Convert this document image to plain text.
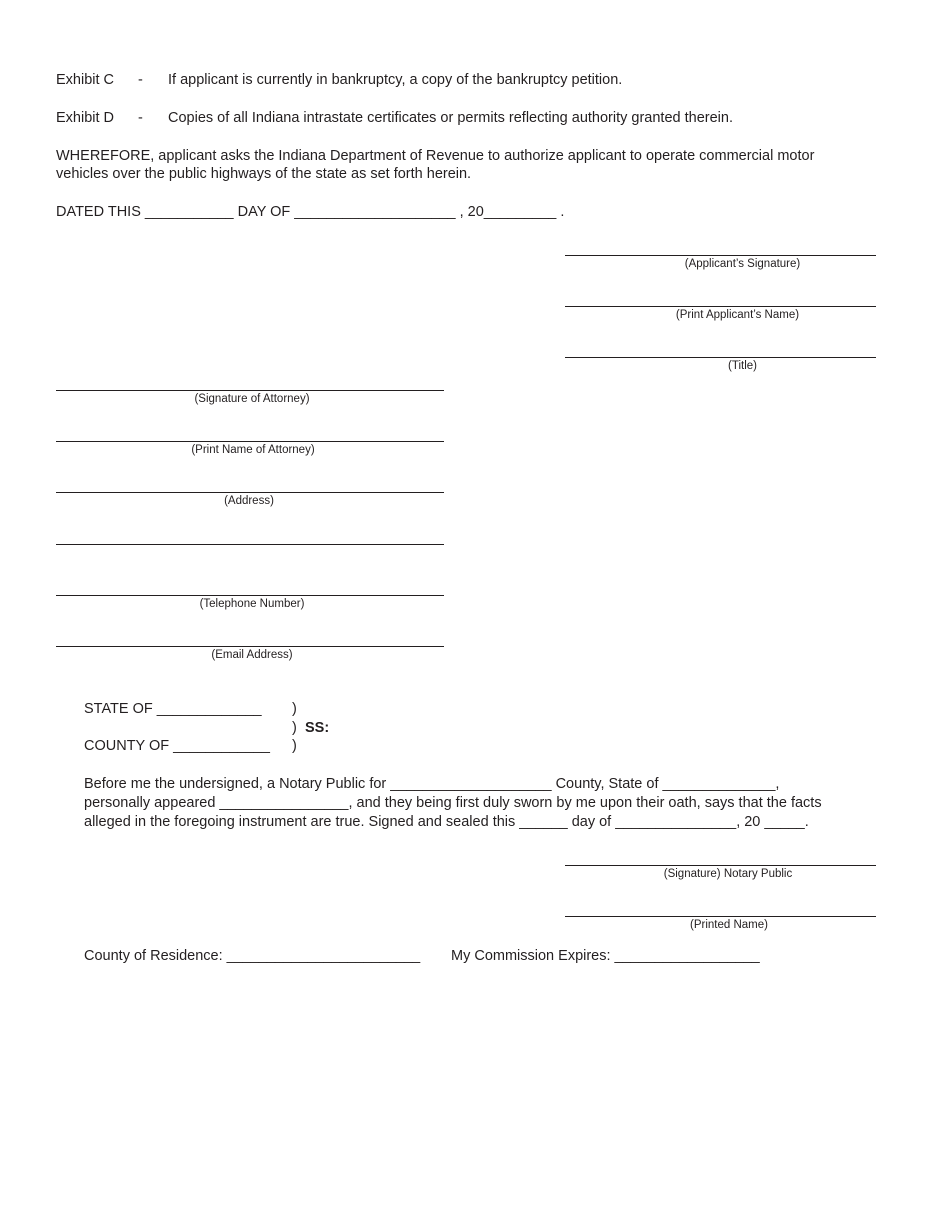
Exhibit C - If applicant is currently in bankruptcy, a copy of the bankruptcy petition.
Exhibit D - Copies of all Indiana intrastate certificates or permits reflecting authority granted therein.
WHEREFORE, applicant asks the Indiana Department of Revenue to authorize applicant to operate commercial motor
vehicles over the public highways of the state as set forth herein.
DATED THIS ___________ DAY OF ____________________ , 20_________ .
(Applicant’s Signature)
(Print Applicant’s Name)
(Title)
(Signature of Attorney)
(Print Name of Attorney)
(Address)
(Telephone Number)
(Email Address)
STATE OF _____________ )
) SS:
COUNTY OF ____________ )
Before me the undersigned, a Notary Public for ____________________ County, State of ______________,
personally appeared ________________, and they being first duly sworn by me upon their oath, says that the facts
alleged in the foregoing instrument are true. Signed and sealed this ______ day of _______________, 20 _____.
(Signature) Notary Public
(Printed Name)
County of Residence: ________________________ My Commission Expires: __________________
